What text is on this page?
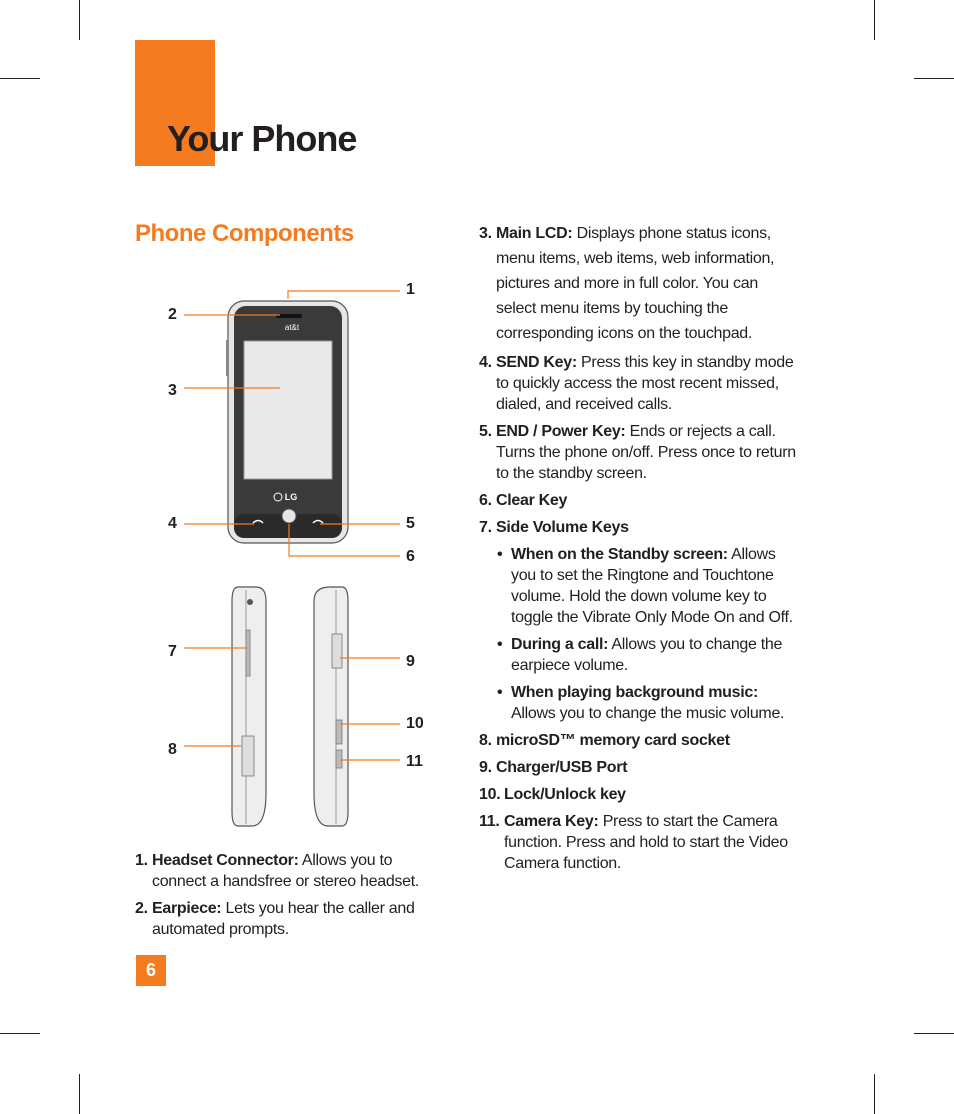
Your Phone
Phone Components
at&t
LG
1
2
3
4	5
6
7
8
9
10
11
1. Headset Connector: Allows you to connect a handsfree or stereo headset.
2. Earpiece: Lets you hear the caller and automated prompts.
3. Main LCD: Displays phone status icons, menu items, web items, web information, pictures and more in full color. You can select menu items by touching the corresponding icons on the touchpad.
4. SEND Key: Press this key in standby mode to quickly access the most recent missed, dialed, and received calls.
5. END / Power Key: Ends or rejects a call. Turns the phone on/off. Press once to return to the standby screen.
6. Clear Key
7. Side Volume Keys
• When on the Standby screen: Allows you to set the Ringtone and Touchtone volume. Hold the down volume key to toggle the Vibrate Only Mode On and Off.
• During a call: Allows you to change the earpiece volume.
• When playing background music: Allows you to change the music volume.
8. microSD™ memory card socket
9. Charger/USB Port
10. Lock/Unlock key
11. Camera Key: Press to start the Camera function. Press and hold to start the Video Camera function.
6
